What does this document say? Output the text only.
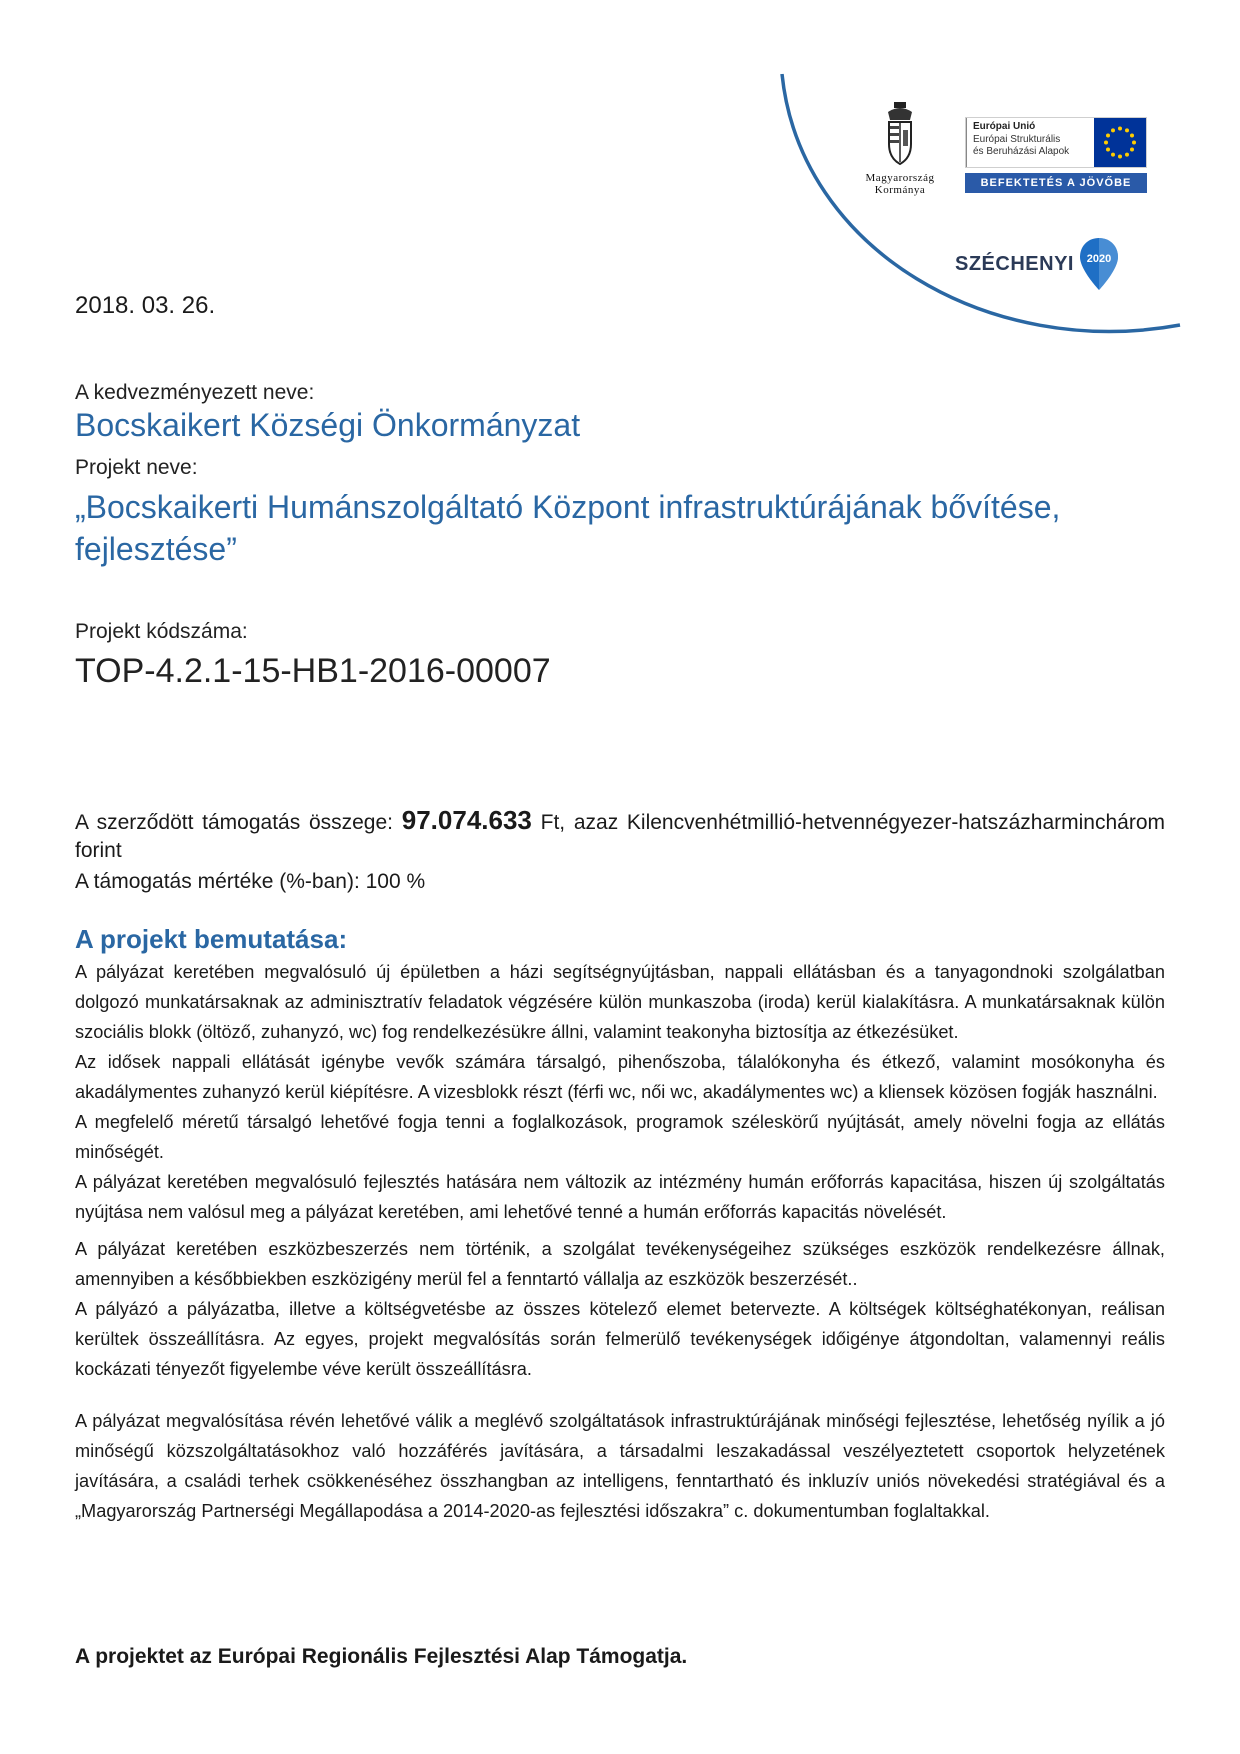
Magyarország Kormánya
Európai Unió
Európai Strukturális
és Beruházási Alapok
BEFEKTETÉS A JÖVŐBE
SZÉCHENYI 2020
2018. 03. 26.
A kedvezményezett neve:
Bocskaikert Községi Önkormányzat
Projekt neve:
„Bocskaikerti Humánszolgáltató Központ infrastruktúrájának bővítése, fejlesztése”
Projekt kódszáma:
TOP-4.2.1-15-HB1-2016-00007
A szerződött támogatás összege: 97.074.633 Ft, azaz Kilencvenhétmillió-hetvennégyezer-hatszázharminchárom forint
A támogatás mértéke (%-ban): 100 %
A projekt bemutatása:

A pályázat keretében megvalósuló új épületben a házi segítségnyújtásban, nappali ellátásban és a tanyagondnoki szolgálatban dolgozó munkatársaknak az adminisztratív feladatok végzésére külön munkaszoba (iroda) kerül kialakításra. A munkatársaknak külön szociális blokk (öltöző, zuhanyzó, wc) fog rendelkezésükre állni, valamint teakonyha biztosítja az étkezésüket.

Az idősek nappali ellátását igénybe vevők számára társalgó, pihenőszoba, tálalókonyha és étkező, valamint mosókonyha és akadálymentes zuhanyzó kerül kiépítésre. A vizesblokk részt (férfi wc, női wc, akadálymentes wc) a kliensek közösen fogják használni.

A megfelelő méretű társalgó lehetővé fogja tenni a foglalkozások, programok széleskörű nyújtását, amely növelni fogja az ellátás minőségét.

A pályázat keretében megvalósuló fejlesztés hatására nem változik az intézmény humán erőforrás kapacitása, hiszen új szolgáltatás nyújtása nem valósul meg a pályázat keretében, ami lehetővé tenné a humán erőforrás kapacitás növelését.

A pályázat keretében eszközbeszerzés nem történik, a szolgálat tevékenységeihez szükséges eszközök rendelkezésre állnak, amennyiben a későbbiekben eszközigény merül fel a fenntartó vállalja az eszközök beszerzését..

A pályázó a pályázatba, illetve a költségvetésbe az összes kötelező elemet betervezte. A költségek költséghatékonyan, reálisan kerültek összeállításra. Az egyes, projekt megvalósítás során felmerülő tevékenységek időigénye átgondoltan, valamennyi reális kockázati tényezőt figyelembe véve került összeállításra.

A pályázat megvalósítása révén lehetővé válik a meglévő szolgáltatások infrastruktúrájának minőségi fejlesztése, lehetőség nyílik a jó minőségű közszolgáltatásokhoz való hozzáférés javítására, a társadalmi leszakadással veszélyeztetett csoportok helyzetének javítására, a családi terhek csökkenéséhez összhangban az intelligens, fenntartható és inkluzív uniós növekedési stratégiával és a „Magyarország Partnerségi Megállapodása a 2014-2020-as fejlesztési időszakra” c. dokumentumban foglaltakkal.

A projektet az Európai Regionális Fejlesztési Alap Támogatja.
